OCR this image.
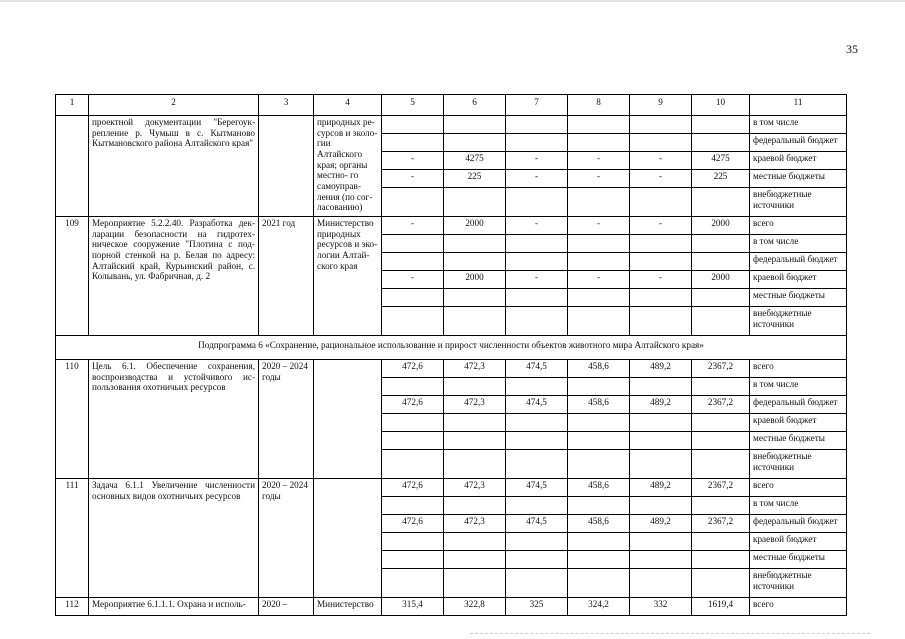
35
1	2	3	4	5	6	7	8	9	10	11
	проектной документации "Берегоук- репление р. Чумыш в с. Кытманово Кытмановского района Алтайского края"		природных ре- сурсов и эколо- гии Алтайского края; органы местно- го самоуправ- ления (по сог- ласованию)							в том числе
										федеральный бюджет
				-	4275	-	-	-	4275	краевой бюджет
				-	225	-	-	-	225	местные бюджеты
										внебюджетные источники
109	Мероприятие 5.2.2.40. Разработка дек- ларации безопасности на гидротех- ническое сооружение "Плотина с под- порной стенкой на р. Белая по адресу: Алтайский край, Курьинский район, с. Колывань, ул. Фабричная, д. 2	2021 год	Министерство природных ресурсов и эко- логии Алтай- ского края	-	2000	-	-	-	2000	всего
										в том числе
										федеральный бюджет
				-	2000	-	-	-	2000	краевой бюджет
										местные бюджеты
										внебюджетные источники
Подпрограмма 6 «Сохранение, рациональное использование и прирост численности объектов животного мира Алтайского края»										
110	Цель 6.1. Обеспечение сохранения, воспроизводства и устойчивого ис- пользования охотничьих ресурсов	2020 – 2024 годы		472,6	472,3	474,5	458,6	489,2	2367,2	всего
										в том числе
				472,6	472,3	474,5	458,6	489,2	2367,2	федеральный бюджет
										краевой бюджет
										местные бюджеты
										внебюджетные источники
111	Задача 6.1.1 Увеличение численности основных видов охотничьих ресурсов	2020 – 2024 годы		472,6	472,3	474,5	458,6	489,2	2367,2	всего
										в том числе
				472,6	472,3	474,5	458,6	489,2	2367,2	федеральный бюджет
										краевой бюджет
										местные бюджеты
										внебюджетные источники
112	Мероприятие 6.1.1.1. Охрана и исполь-	2020 –	Министерство	315,4	322,8	325	324,2	332	1619,4	всего
